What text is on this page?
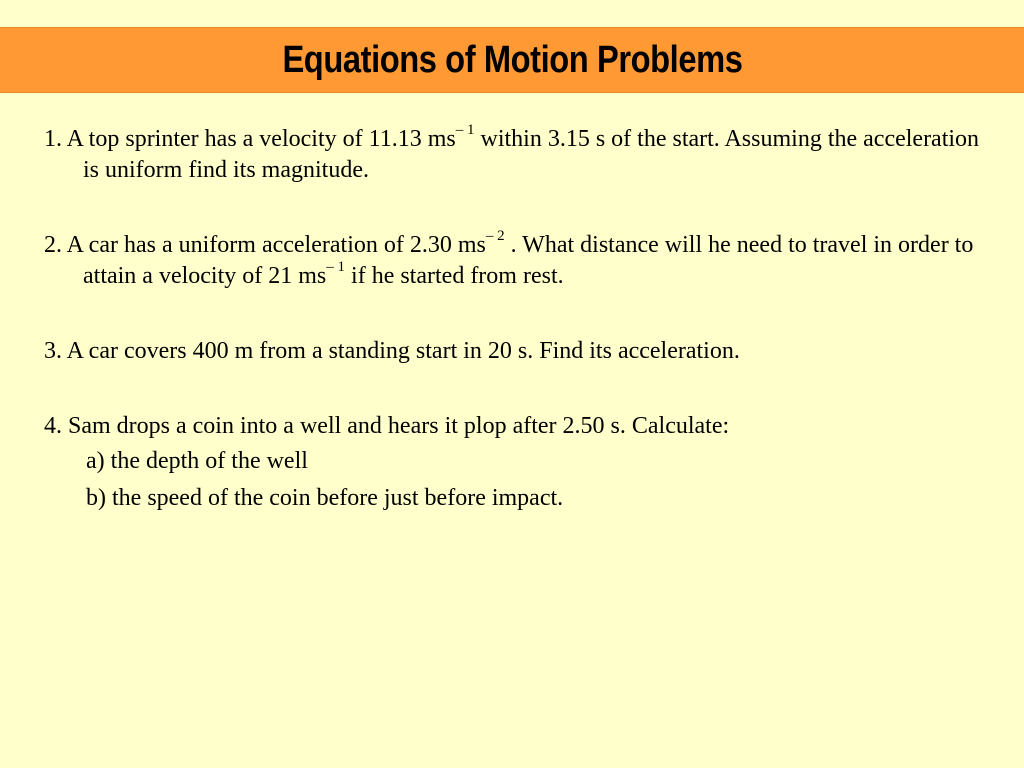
Equations of Motion Problems

1. A top sprinter has a velocity of 11.13 $ms^{- 1}$ within 3.15 s of the start. Assuming the acceleration is uniform find its magnitude.

2. A car has a uniform acceleration of 2.30 $ms^{- 2}$ . What distance will he need to travel in order to attain a velocity of 21 $ms^{- 1}$ if he started from rest.

3. A car covers 400 m from a standing start in 20 s. Find its acceleration.

4. Sam drops a coin into a well and hears it plop after 2.50 s. Calculate:

a) the depth of the well

b) the speed of the coin before just before impact.
